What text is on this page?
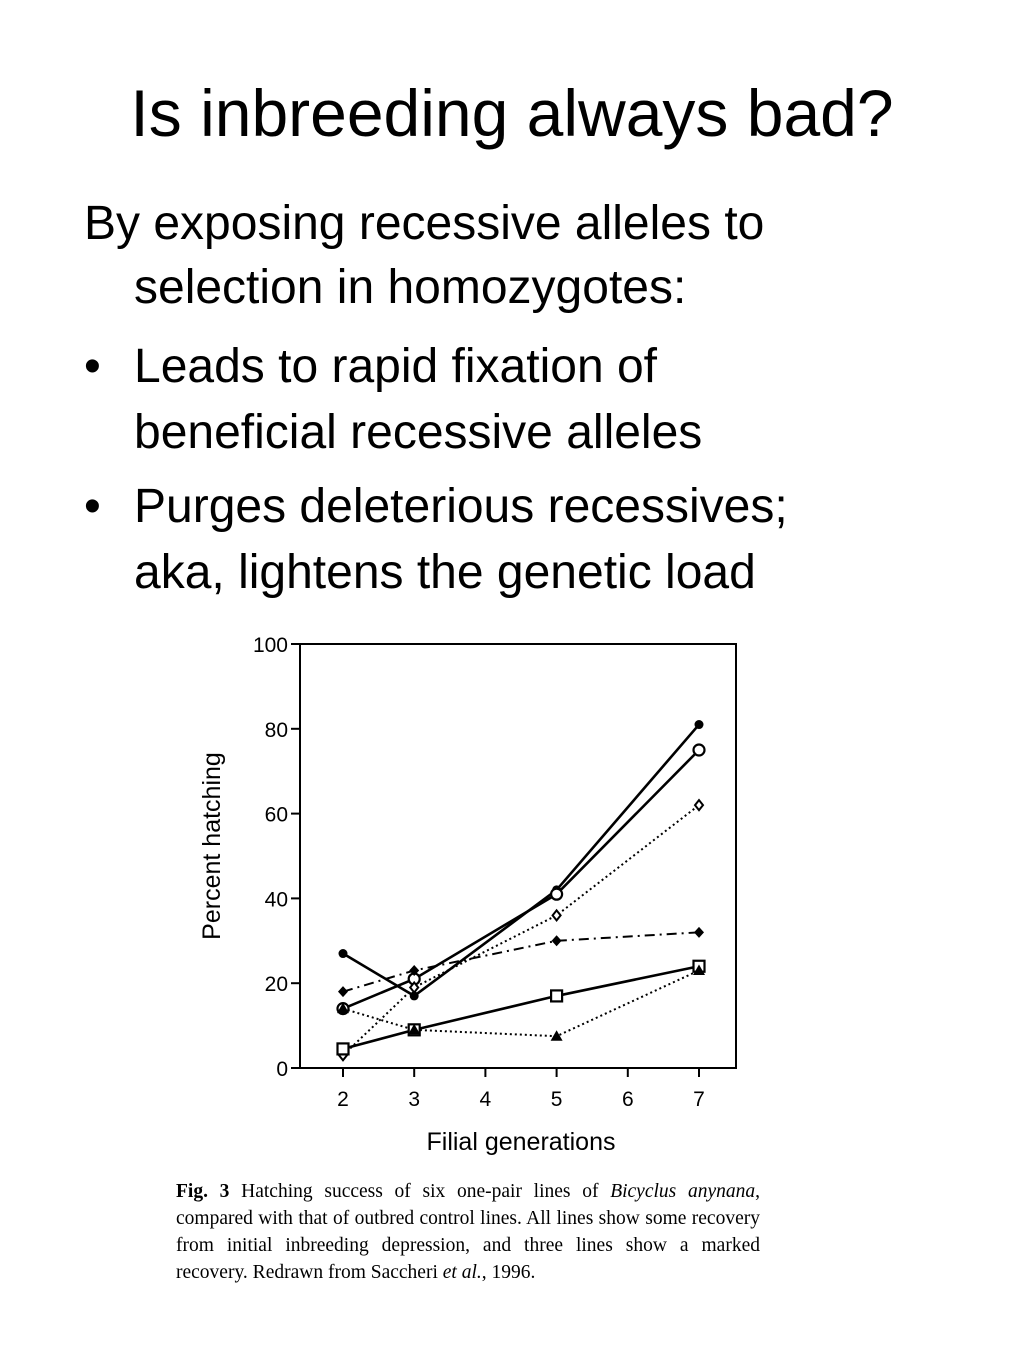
Is inbreeding always bad?
By exposing recessive alleles to
selection in homozygotes:
• Leads to rapid fixation of
beneficial recessive alleles
• Purges deleterious recessives;
aka, lightens the genetic load
0
20
40
60
80
100
2	3	4	5	6	7
Filial generations
Percent hatching
Fig. 3 Hatching success of six one-pair lines of Bicyclus anynana, compared with that of outbred control lines. All lines show some recovery from initial inbreeding depression, and three lines show a marked recovery. Redrawn from Saccheri et al., 1996.
